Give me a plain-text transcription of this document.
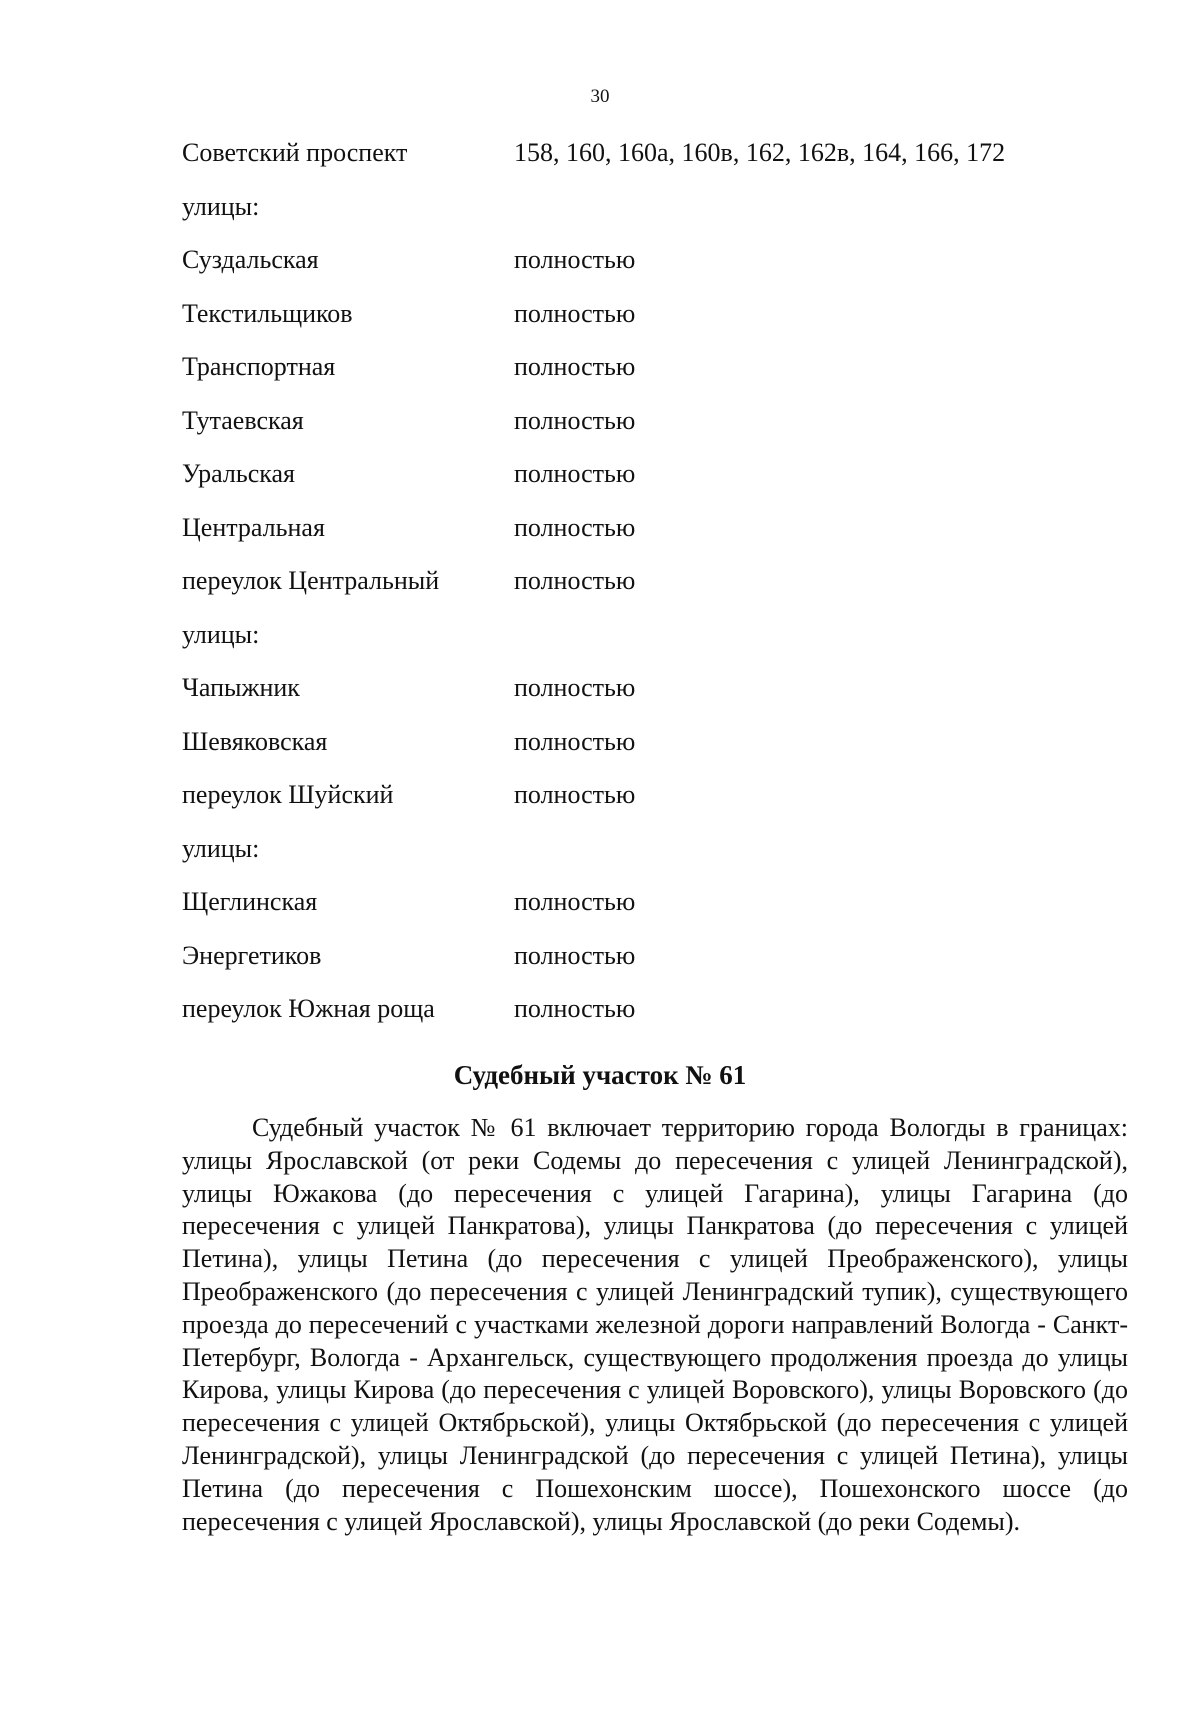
30
Советский проспект	158, 160, 160а, 160в, 162, 162в, 164, 166, 172
улицы:
Суздальская	полностью
Текстильщиков	полностью
Транспортная	полностью
Тутаевская	полностью
Уральская	полностью
Центральная	полностью
переулок Центральный	полностью
улицы:
Чапыжник	полностью
Шевяковская	полностью
переулок Шуйский	полностью
улицы:
Щеглинская	полностью
Энергетиков	полностью
переулок Южная роща	полностью
Судебный участок № 61

Судебный участок № 61 включает территорию города Вологды в границах: улицы Ярославской (от реки Содемы до пересечения с улицей Ленинградской), улицы Южакова (до пересечения с улицей Гагарина), улицы Гагарина (до пересечения с улицей Панкратова), улицы Панкратова (до пересечения с улицей Петина), улицы Петина (до пересечения с улицей Преображенского), улицы Преображенского (до пересечения с улицей Ленинградский тупик), существующего проезда до пересечений с участками железной дороги направлений Вологда - Санкт-Петербург, Вологда - Архангельск, существующего продолжения проезда до улицы Кирова, улицы Кирова (до пересечения с улицей Воровского), улицы Воровского (до пересечения с улицей Октябрьской), улицы Октябрьской (до пересечения с улицей Ленинградской), улицы Ленинградской (до пересечения с улицей Петина), улицы Петина (до пересечения с Пошехонским шоссе), Пошехонского шоссе (до пересечения с улицей Ярославской), улицы Ярославской (до реки Содемы).
